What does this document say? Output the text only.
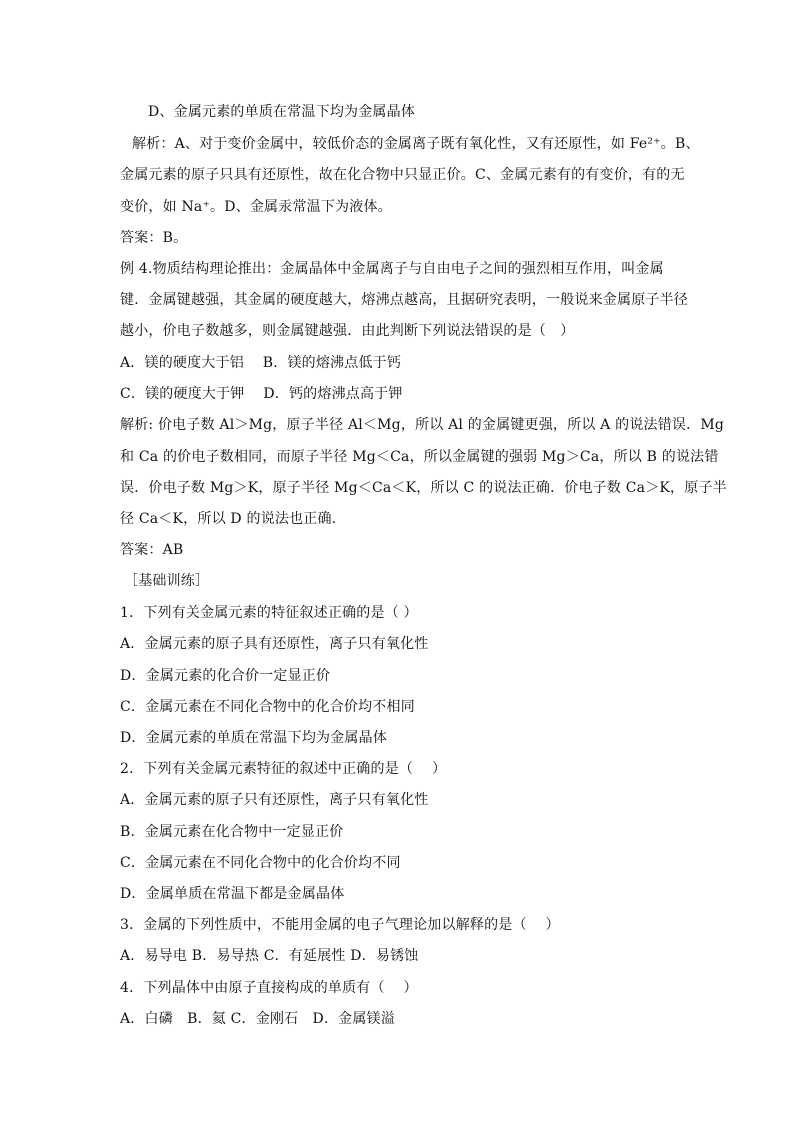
D、金属元素的单质在常温下均为金属晶体
解析：A、对于变价金属中，较低价态的金属离子既有氧化性，又有还原性，如 Fe²⁺。B、
金属元素的原子只具有还原性，故在化合物中只显正价。C、金属元素有的有变价，有的无
变价，如 Na⁺。D、金属汞常温下为液体。
答案：B。
例 4.物质结构理论推出：金属晶体中金属离子与自由电子之间的强烈相互作用，叫金属
键．金属键越强，其金属的硬度越大，熔沸点越高，且据研究表明，一般说来金属原子半径
越小，价电子数越多，则金属键越强．由此判断下列说法错误的是（　）
A．镁的硬度大于铝　 B．镁的熔沸点低于钙
C．镁的硬度大于钾　 D．钙的熔沸点高于钾
解析: 价电子数 Al＞Mg，原子半径 Al＜Mg，所以 Al 的金属键更强，所以 A 的说法错误．Mg
和 Ca 的价电子数相同，而原子半径 Mg＜Ca，所以金属键的强弱 Mg＞Ca，所以 B 的说法错
误．价电子数 Mg＞K，原子半径 Mg＜Ca＜K，所以 C 的说法正确．价电子数 Ca＞K，原子半
径 Ca＜K，所以 D 的说法也正确．
答案：AB
［基础训练］
1．下列有关金属元素的特征叙述正确的是（ ）
A．金属元素的原子具有还原性，离子只有氧化性
D．金属元素的化合价一定显正价
C．金属元素在不同化合物中的化合价均不相同
D．金属元素的单质在常温下均为金属晶体
2．下列有关金属元素特征的叙述中正确的是（　 ）
A．金属元素的原子只有还原性，离子只有氧化性
B．金属元素在化合物中一定显正价
C．金属元素在不同化合物中的化合价均不同
D．金属单质在常温下都是金属晶体
3．金属的下列性质中，不能用金属的电子气理论加以解释的是（　 ）
A．易导电 B．易导热 C．有延展性 D．易锈蚀
4．下列晶体中由原子直接构成的单质有（　 ）
A．白磷　B．氦 C．金刚石　D．金属镁溢
